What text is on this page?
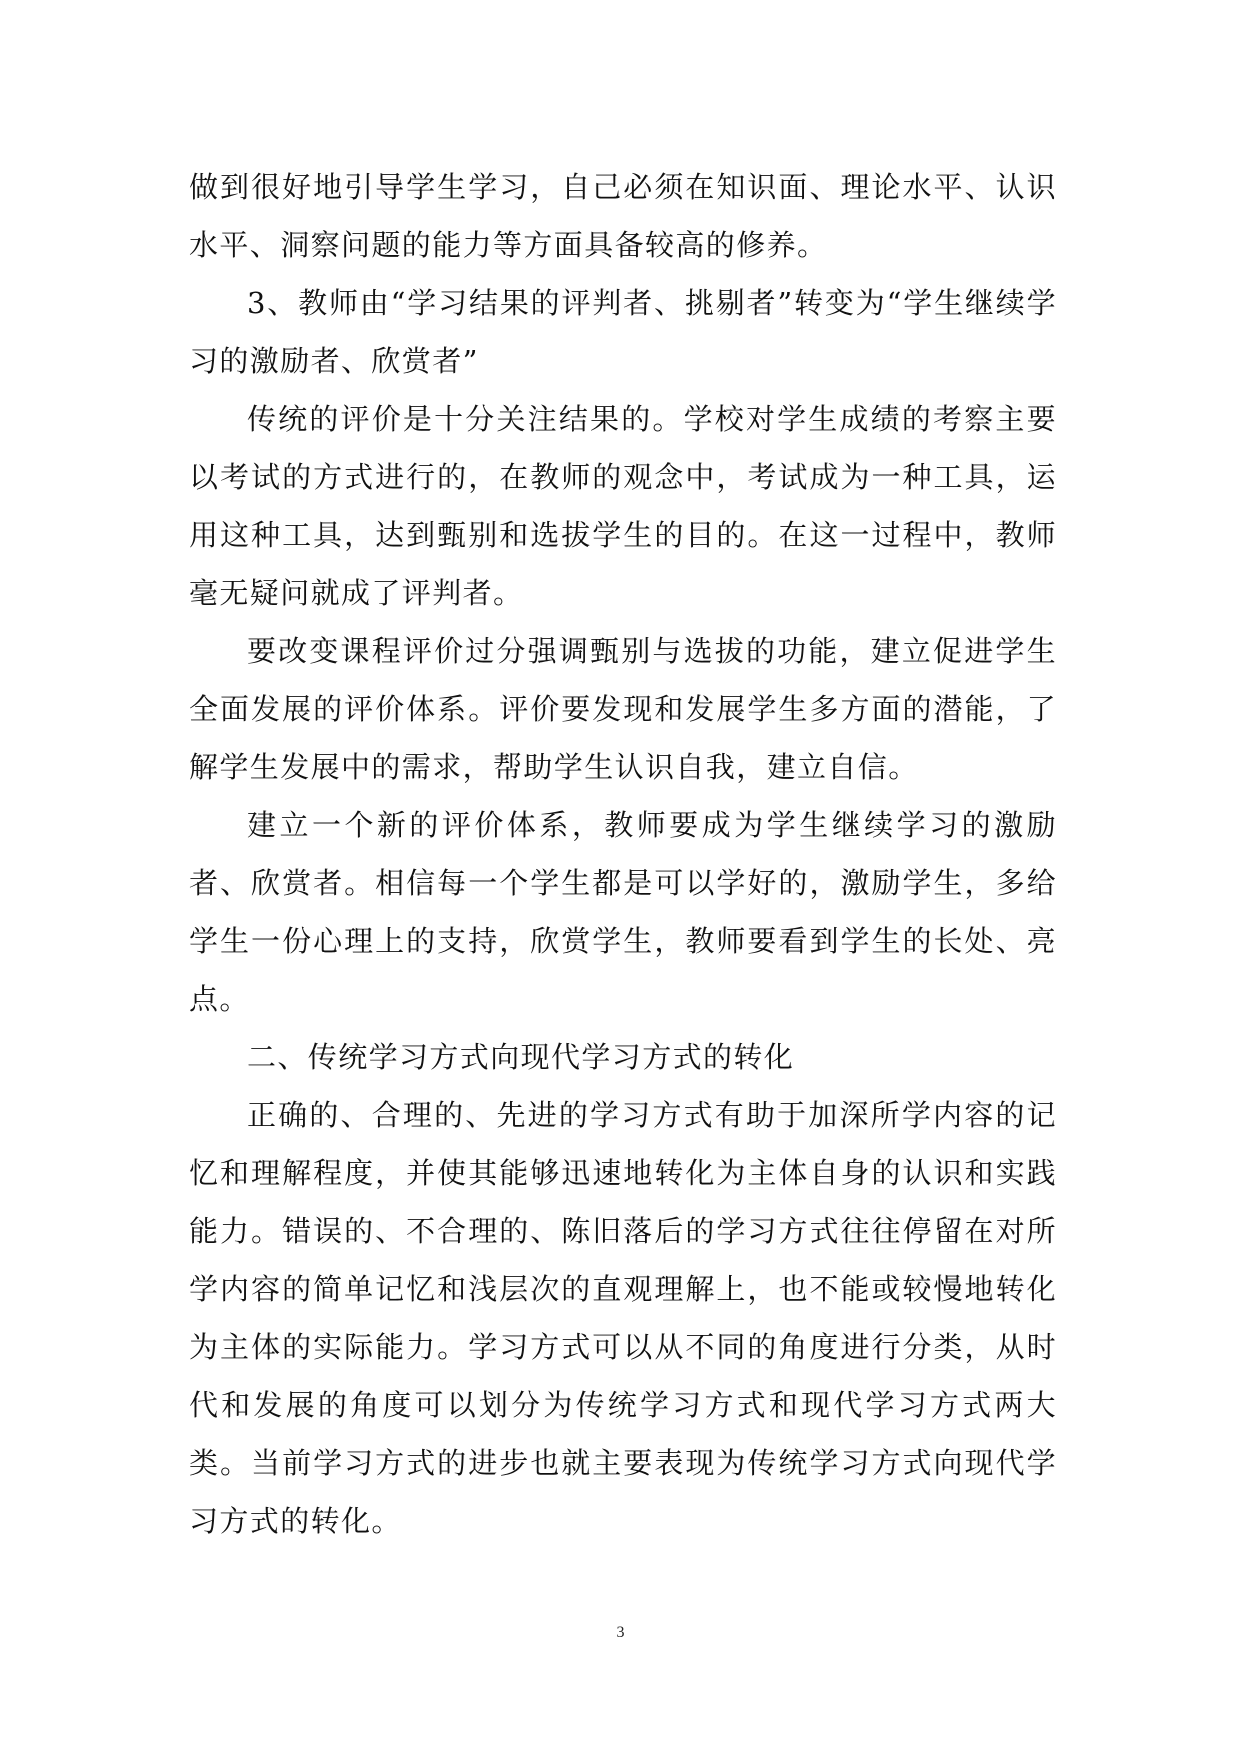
做到很好地引导学生学习，自己必须在知识面、理论水平、认识水平、洞察问题的能力等方面具备较高的修养。

3、教师由“学习结果的评判者、挑剔者”转变为“学生继续学习的激励者、欣赏者”

传统的评价是十分关注结果的。学校对学生成绩的考察主要以考试的方式进行的，在教师的观念中，考试成为一种工具，运用这种工具，达到甄别和选拔学生的目的。在这一过程中，教师毫无疑问就成了评判者。

要改变课程评价过分强调甄别与选拔的功能，建立促进学生全面发展的评价体系。评价要发现和发展学生多方面的潜能，了解学生发展中的需求，帮助学生认识自我，建立自信。

建立一个新的评价体系，教师要成为学生继续学习的激励者、欣赏者。相信每一个学生都是可以学好的，激励学生，多给学生一份心理上的支持，欣赏学生，教师要看到学生的长处、亮点。

二、传统学习方式向现代学习方式的转化

正确的、合理的、先进的学习方式有助于加深所学内容的记忆和理解程度，并使其能够迅速地转化为主体自身的认识和实践能力。错误的、不合理的、陈旧落后的学习方式往往停留在对所学内容的简单记忆和浅层次的直观理解上，也不能或较慢地转化为主体的实际能力。学习方式可以从不同的角度进行分类，从时代和发展的角度可以划分为传统学习方式和现代学习方式两大类。当前学习方式的进步也就主要表现为传统学习方式向现代学习方式的转化。

3
